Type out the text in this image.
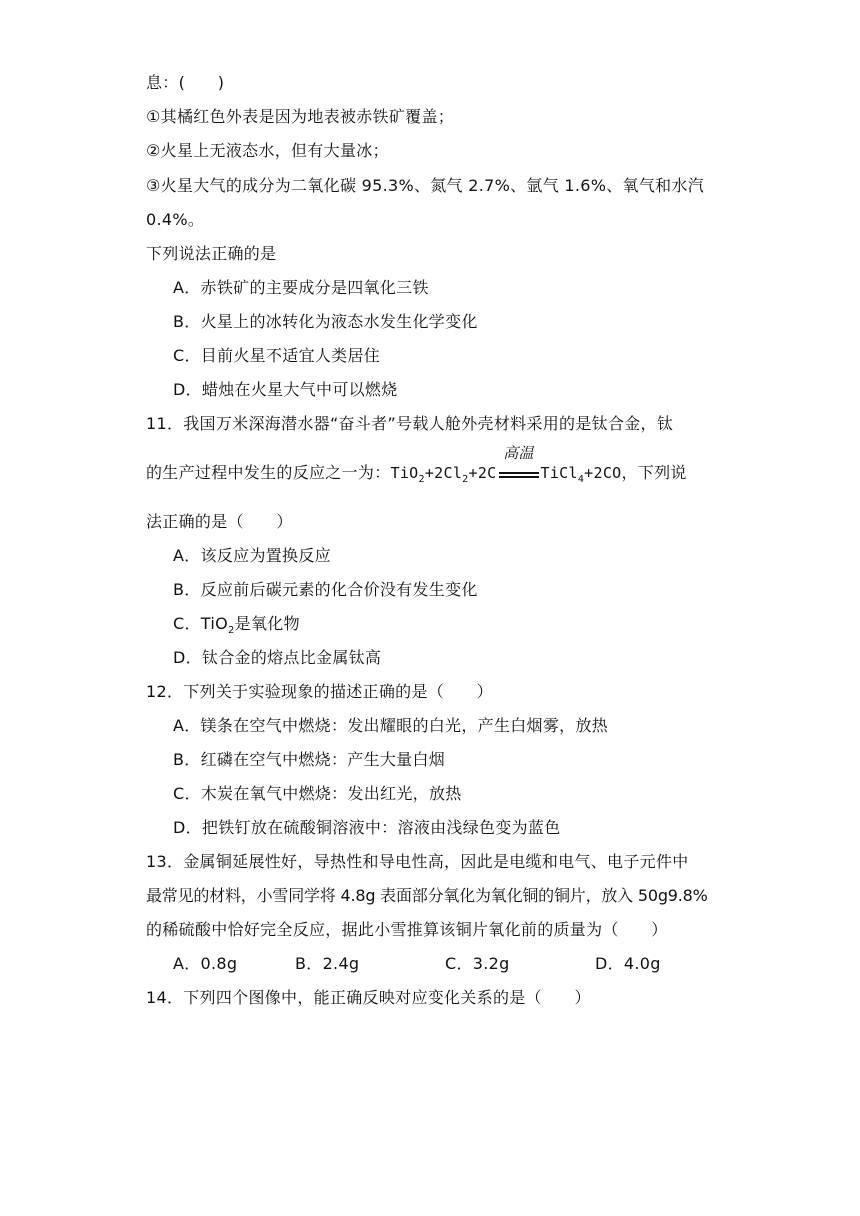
息：(　　)
①其橘红色外表是因为地表被赤铁矿覆盖；
②火星上无液态水，但有大量冰；
③火星大气的成分为二氧化碳 95.3%、氮气 2.7%、氩气 1.6%、氧气和水汽
0.4%。
下列说法正确的是
A．赤铁矿的主要成分是四氧化三铁
B．火星上的冰转化为液态水发生化学变化
C．目前火星不适宜人类居住
D．蜡烛在火星大气中可以燃烧
11．我国万米深海潜水器“奋斗者”号载人舱外壳材料采用的是钛合金，钛
的生产过程中发生的反应之一为：$TiO_2+2Cl_2+2C$
高温
TiCl$_4$+2CO，下列说
法正确的是（　　）
A．该反应为置换反应
B．反应前后碳元素的化合价没有发生变化
C．TiO$_2$是氧化物
D．钛合金的熔点比金属钛高
12．下列关于实验现象的描述正确的是（　　）
A．镁条在空气中燃烧：发出耀眼的白光，产生白烟雾，放热
B．红磷在空气中燃烧：产生大量白烟
C．木炭在氧气中燃烧：发出红光，放热
D．把铁钉放在硫酸铜溶液中：溶液由浅绿色变为蓝色
13．金属铜延展性好，导热性和导电性高，因此是电缆和电气、电子元件中
最常见的材料，小雪同学将 4.8g 表面部分氧化为氧化铜的铜片，放入 50g9.8%
的稀硫酸中恰好完全反应，据此小雪推算该铜片氧化前的质量为（　　）
A．0.8g	B．2.4g	C．3.2g	D．4.0g
14．下列四个图像中，能正确反映对应变化关系的是（　　）
